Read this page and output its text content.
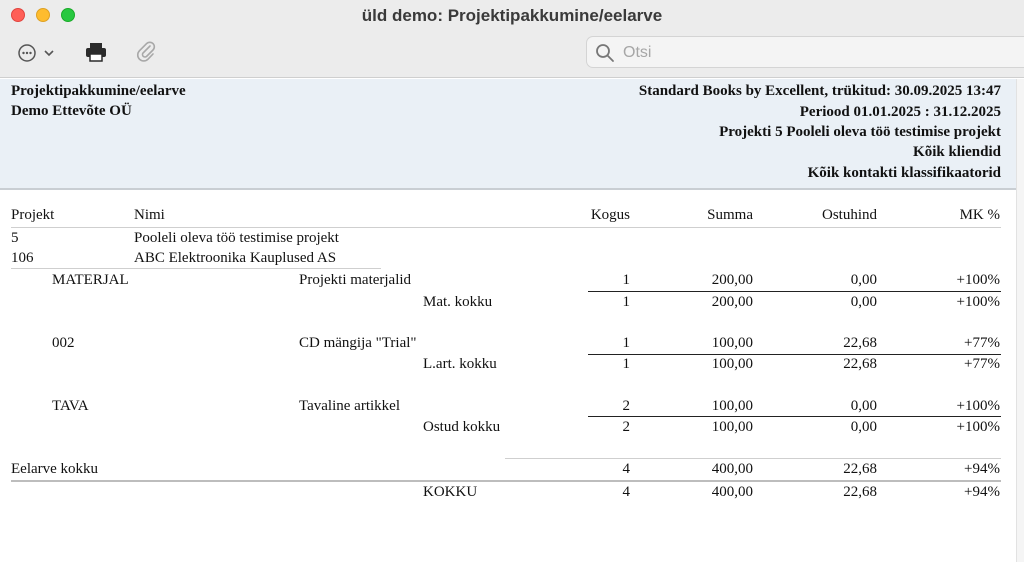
üld demo: Projektipakkumine/eelarve
Otsi
Projektipakkumine/eelarve
Demo Ettevõte OÜ
Standard Books by Excellent, trükitud: 30.09.2025 13:47
Periood 01.01.2025 : 31.12.2025
Projekti 5 Pooleli oleva töö testimise projekt
Kõik kliendid
Kõik kontakti klassifikaatorid
Projekt	Nimi	Kogus	Summa	Ostuhind	MK %
5	Pooleli oleva töö testimise projekt
106	ABC Elektroonika Kauplused AS
MATERJAL	Projekti materjalid	1	200,00	0,00	+100%
Mat. kokku	1	200,00	0,00	+100%
002	CD mängija "Trial"	1	100,00	22,68	+77%
L.art. kokku	1	100,00	22,68	+77%
TAVA	Tavaline artikkel	2	100,00	0,00	+100%
Ostud kokku	2	100,00	0,00	+100%
Eelarve kokku	4	400,00	22,68	+94%
KOKKU	4	400,00	22,68	+94%
